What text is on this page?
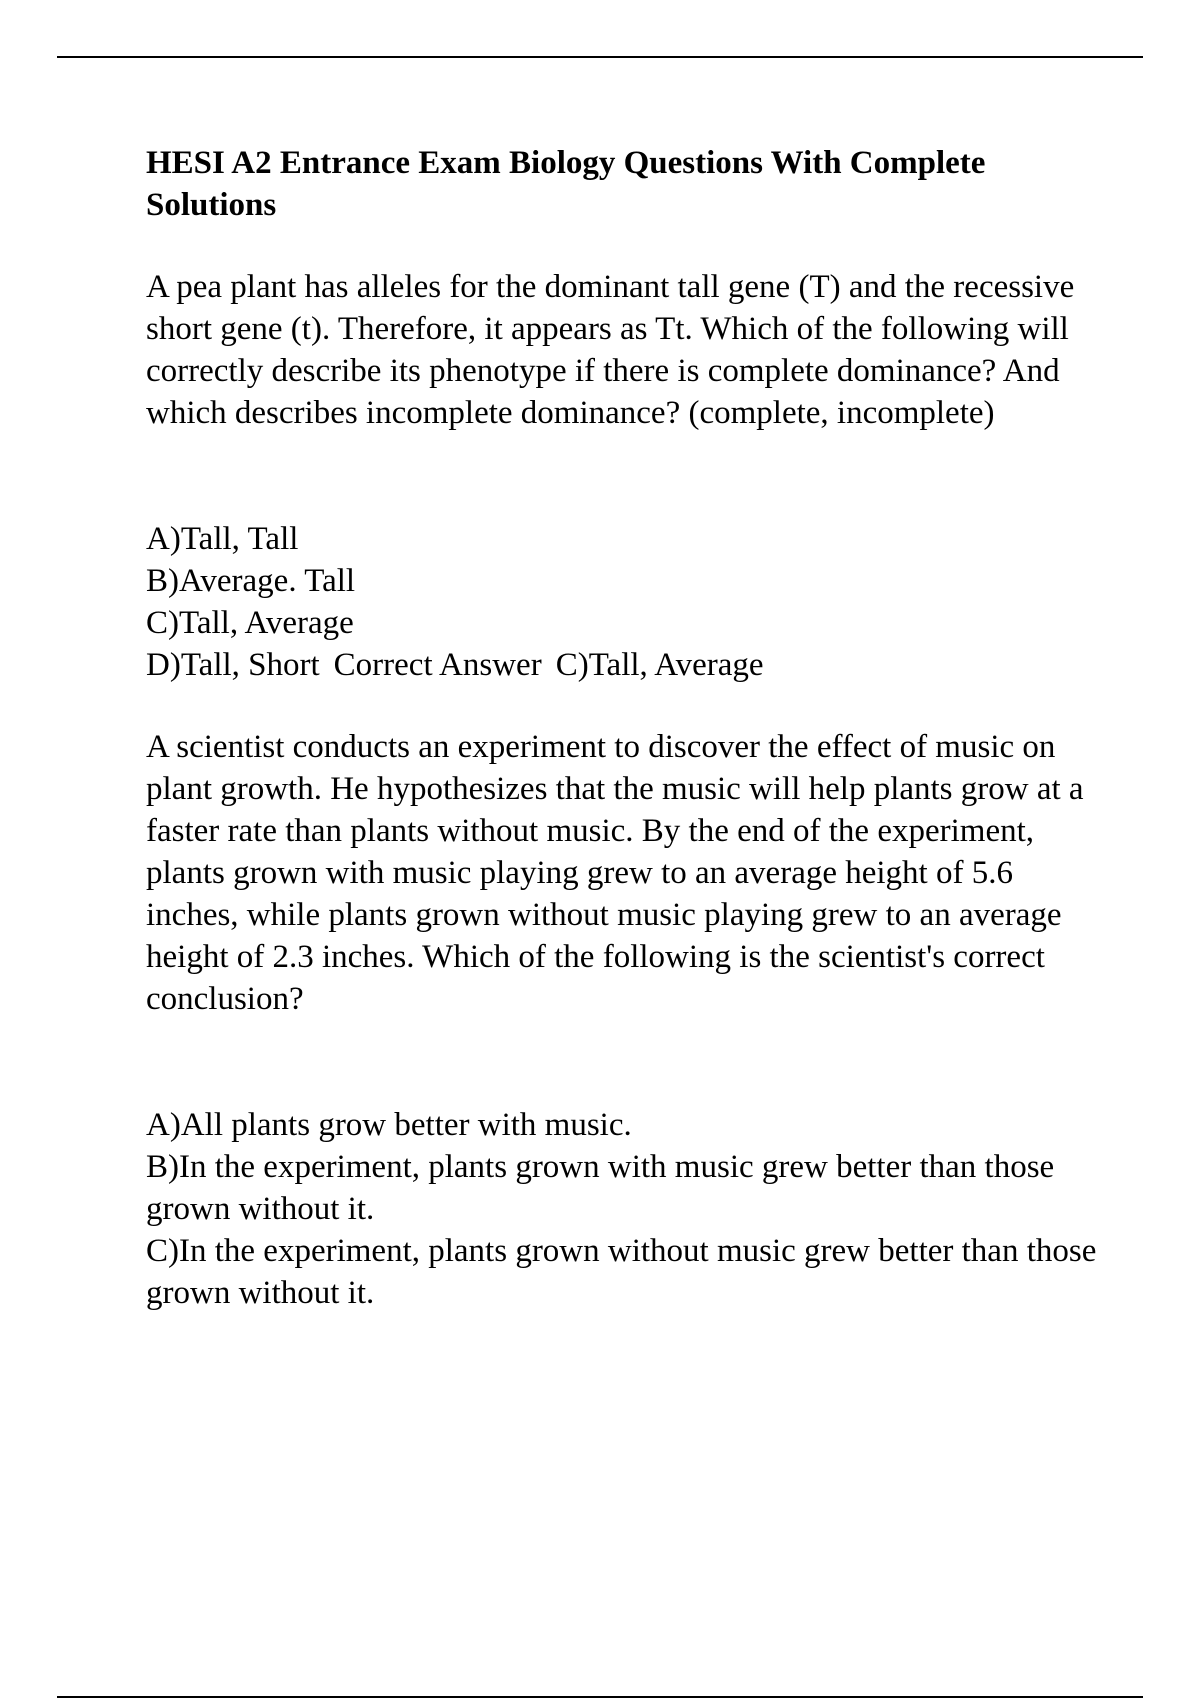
HESI A2 Entrance Exam Biology Questions With Complete Solutions

A pea plant has alleles for the dominant tall gene (T) and the recessive short gene (t). Therefore, it appears as Tt. Which of the following will correctly describe its phenotype if there is complete dominance? And which describes incomplete dominance? (complete, incomplete)

A)Tall, Tall
B)Average. Tall
C)Tall, Average
D)Tall, Short Correct Answer C)Tall, Average

A scientist conducts an experiment to discover the effect of music on plant growth. He hypothesizes that the music will help plants grow at a faster rate than plants without music. By the end of the experiment, plants grown with music playing grew to an average height of 5.6 inches, while plants grown without music playing grew to an average height of 2.3 inches. Which of the following is the scientist's correct conclusion?

A)All plants grow better with music.
B)In the experiment, plants grown with music grew better than those grown without it.
C)In the experiment, plants grown without music grew better than those grown without it.
